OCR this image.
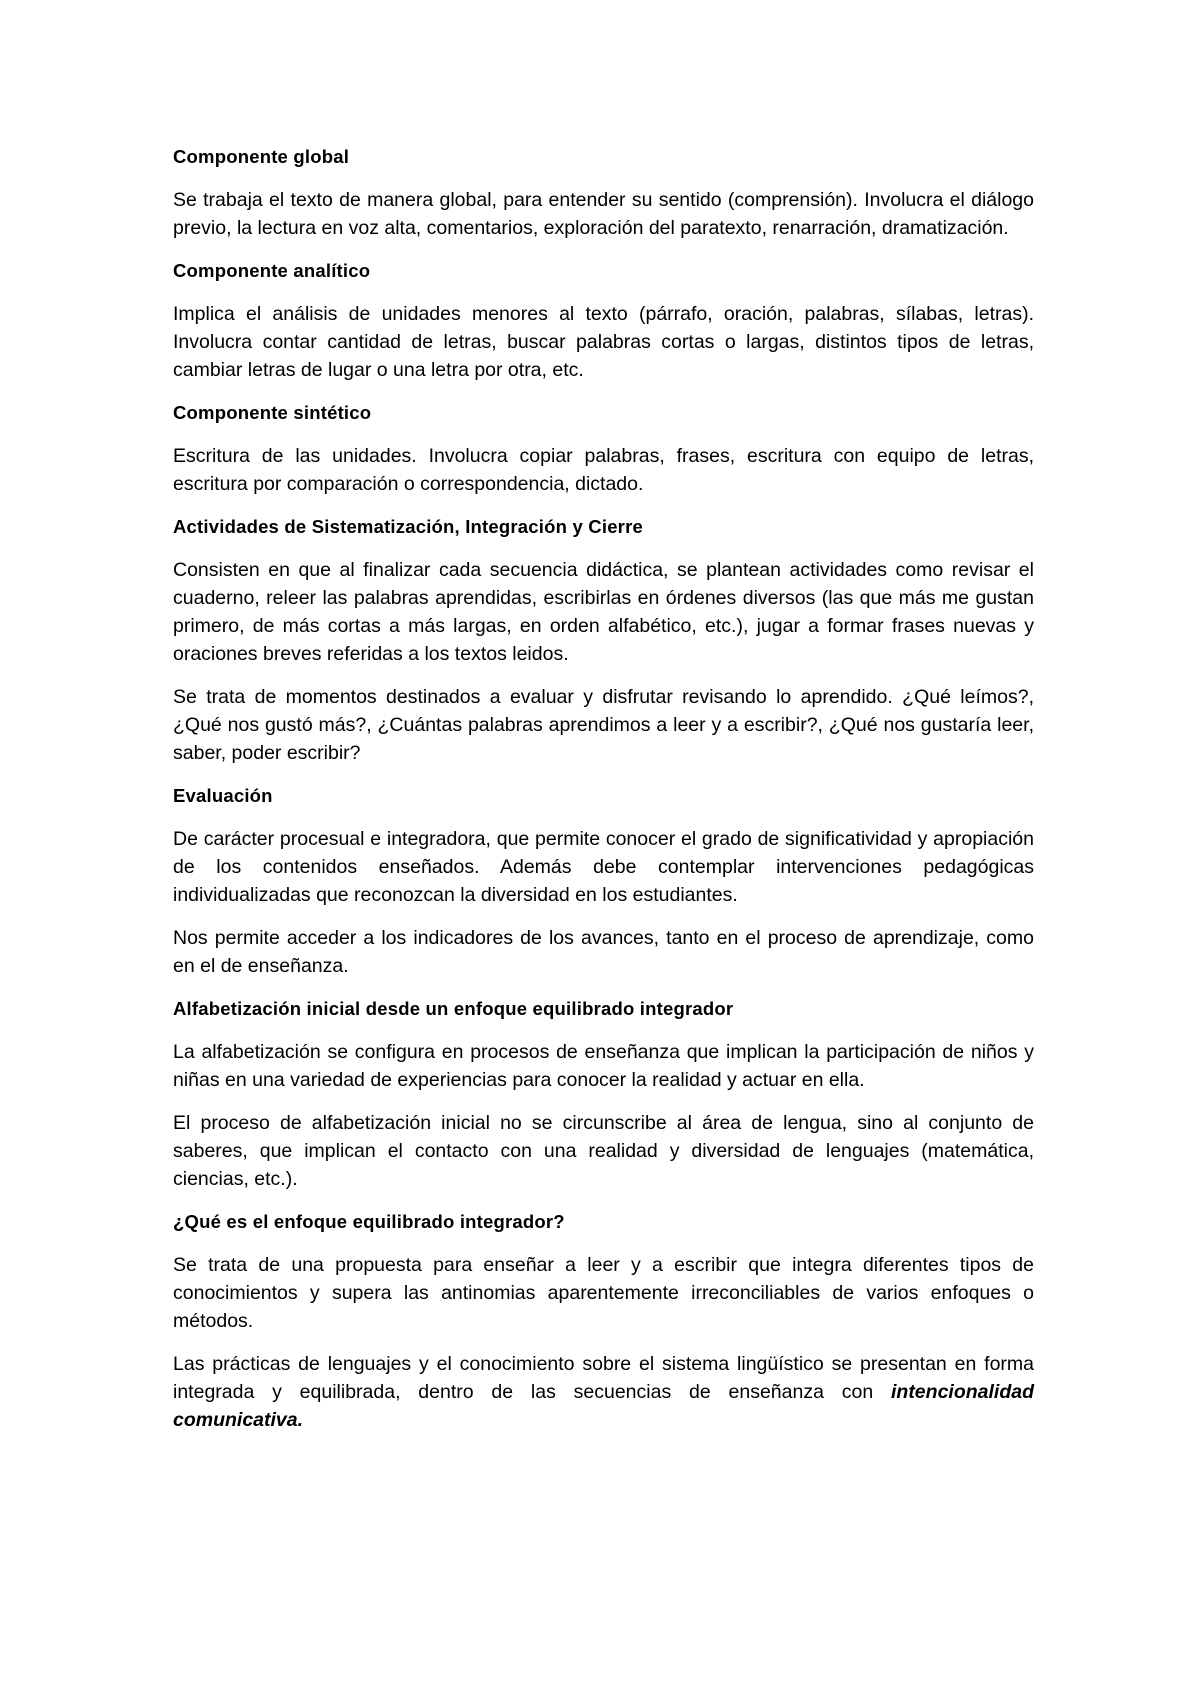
Componente global

Se trabaja el texto de manera global, para entender su sentido (comprensión). Involucra el diálogo previo, la lectura en voz alta, comentarios, exploración del paratexto, renarración, dramatización.

Componente analítico

Implica el análisis de unidades menores al texto (párrafo, oración, palabras, sílabas, letras). Involucra contar cantidad de letras, buscar palabras cortas o largas, distintos tipos de letras, cambiar letras de lugar o una letra por otra, etc.

Componente sintético

Escritura de las unidades. Involucra copiar palabras, frases, escritura con equipo de letras, escritura por comparación o correspondencia, dictado.

Actividades de Sistematización, Integración y Cierre

Consisten en que al finalizar cada secuencia didáctica, se plantean actividades como revisar el cuaderno, releer las palabras aprendidas, escribirlas en órdenes diversos (las que más me gustan primero, de más cortas a más largas, en orden alfabético, etc.), jugar a formar frases nuevas y oraciones breves referidas a los textos leidos.

Se trata de momentos destinados a evaluar y disfrutar revisando lo aprendido. ¿Qué leímos?, ¿Qué nos gustó más?, ¿Cuántas palabras aprendimos a leer y a escribir?, ¿Qué nos gustaría leer, saber, poder escribir?

Evaluación

De carácter procesual e integradora, que permite conocer el grado de significatividad y apropiación de los contenidos enseñados. Además debe contemplar intervenciones pedagógicas individualizadas que reconozcan la diversidad en los estudiantes.

Nos permite acceder a los indicadores de los avances, tanto en el proceso de aprendizaje, como en el de enseñanza.

Alfabetización inicial desde un enfoque equilibrado integrador

La alfabetización se configura en procesos de enseñanza que implican la participación de niños y niñas en una variedad de experiencias para conocer la realidad y actuar en ella.

El proceso de alfabetización inicial no se circunscribe al área de lengua, sino al conjunto de saberes, que implican el contacto con una realidad y diversidad de lenguajes (matemática, ciencias, etc.).

¿Qué es el enfoque equilibrado integrador?

Se trata de una propuesta para enseñar a leer y a escribir que integra diferentes tipos de conocimientos y supera las antinomias aparentemente irreconciliables de varios enfoques o métodos.

Las prácticas de lenguajes y el conocimiento sobre el sistema lingüístico se presentan en forma integrada y equilibrada, dentro de las secuencias de enseñanza con intencionalidad comunicativa.
